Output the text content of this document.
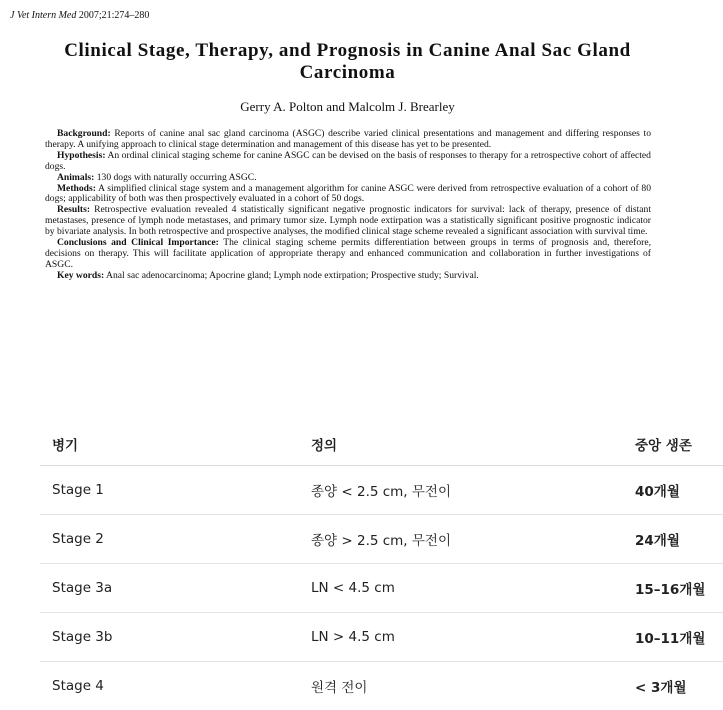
J Vet Intern Med 2007;21:274–280
Clinical Stage, Therapy, and Prognosis in Canine Anal Sac Gland Carcinoma
Gerry A. Polton and Malcolm J. Brearley

Background: Reports of canine anal sac gland carcinoma (ASGC) describe varied clinical presentations and management and differing responses to therapy. A unifying approach to clinical stage determination and management of this disease has yet to be presented.

Hypothesis: An ordinal clinical staging scheme for canine ASGC can be devised on the basis of responses to therapy for a retrospective cohort of affected dogs.

Animals: 130 dogs with naturally occurring ASGC.

Methods: A simplified clinical stage system and a management algorithm for canine ASGC were derived from retrospective evaluation of a cohort of 80 dogs; applicability of both was then prospectively evaluated in a cohort of 50 dogs.

Results: Retrospective evaluation revealed 4 statistically significant negative prognostic indicators for survival: lack of therapy, presence of distant metastases, presence of lymph node metastases, and primary tumor size. Lymph node extirpation was a statistically significant positive prognostic indicator by bivariate analysis. In both retrospective and prospective analyses, the modified clinical stage scheme revealed a significant association with survival time.

Conclusions and Clinical Importance: The clinical staging scheme permits differentiation between groups in terms of prognosis and, therefore, decisions on therapy. This will facilitate application of appropriate therapy and enhanced communication and collaboration in further investigations of ASGC.

Key words: Anal sac adenocarcinoma; Apocrine gland; Lymph node extirpation; Prospective study; Survival.

병기	정의	중앙 생존
Stage 1	종양 < 2.5 cm, 무전이	40개월
Stage 2	종양 > 2.5 cm, 무전이	24개월
Stage 3a	LN < 4.5 cm	15–16개월
Stage 3b	LN > 4.5 cm	10–11개월
Stage 4	원격 전이	< 3개월
